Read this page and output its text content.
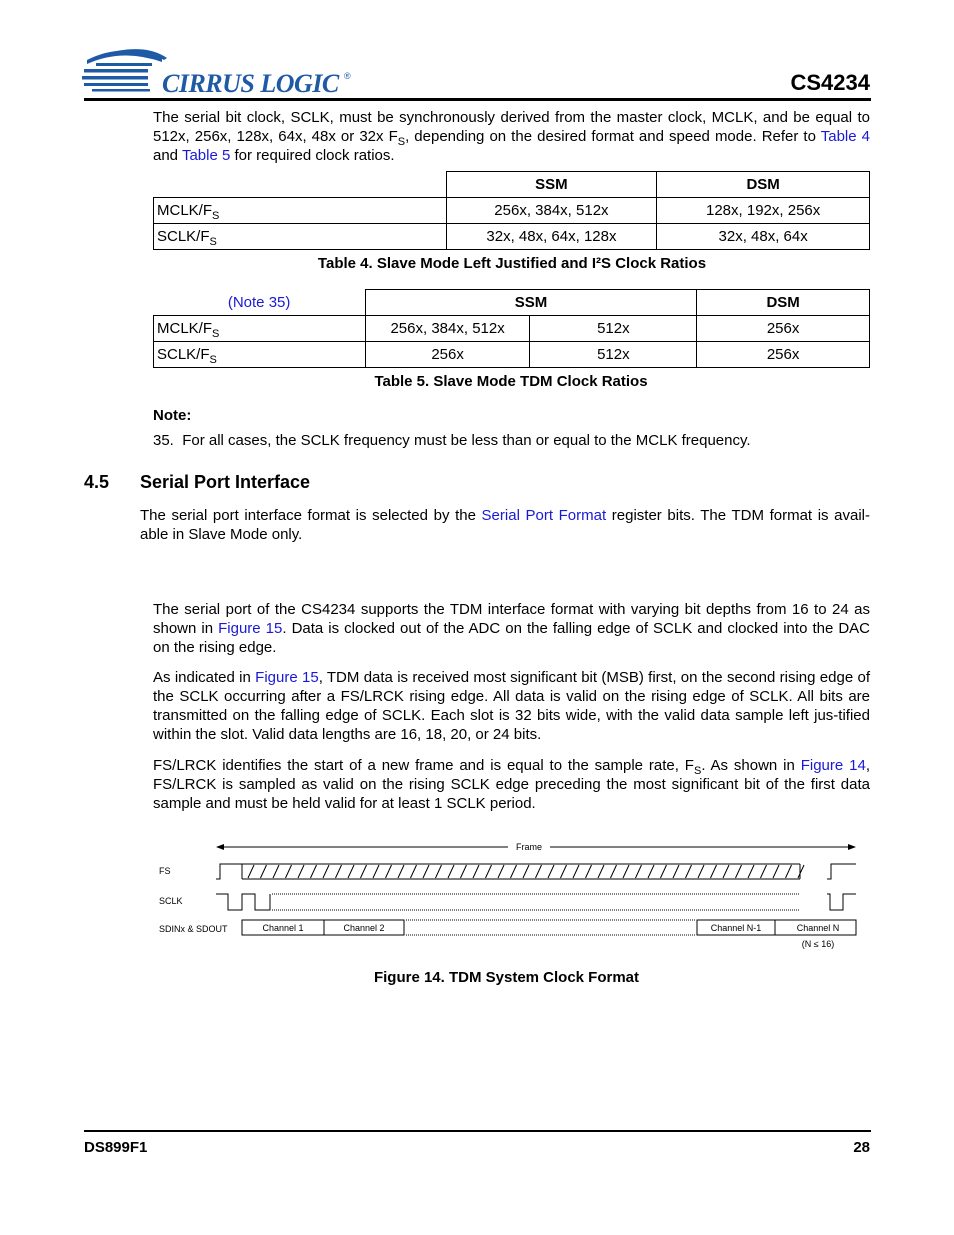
CIRRUS LOGIC ®	CS4234

The serial bit clock, SCLK, must be synchronously derived from the master clock, MCLK, and be equal to 512x, 256x, 128x, 64x, 48x or 32x $F_S$, depending on the desired format and speed mode. Refer to Table 4 and Table 5 for required clock ratios.

	SSM	DSM
MCLK/$F_S$	256x, 384x, 512x	128x, 192x, 256x
SCLK/$F_S$	32x, 48x, 64x, 128x	32x, 48x, 64x
Table 4. Slave Mode Left Justified and I²S Clock Ratios
(Note 35)	SSM		DSM
MCLK/$F_S$	256x, 384x, 512x	512x	256x
SCLK/$F_S$	256x	512x	256x
Table 5. Slave Mode TDM Clock Ratios
Note:
35. For all cases, the SCLK frequency must be less than or equal to the MCLK frequency.
4.5 Serial Port Interface

The serial port interface format is selected by the Serial Port Format register bits. The TDM format is avail-able in Slave Mode only.

The serial port of the CS4234 supports the TDM interface format with varying bit depths from 16 to 24 as shown in Figure 15. Data is clocked out of the ADC on the falling edge of SCLK and clocked into the DAC on the rising edge.

As indicated in Figure 15, TDM data is received most significant bit (MSB) first, on the second rising edge of the SCLK occurring after a FS/LRCK rising edge. All data is valid on the rising edge of SCLK. All bits are transmitted on the falling edge of SCLK. Each slot is 32 bits wide, with the valid data sample left jus-tified within the slot. Valid data lengths are 16, 18, 20, or 24 bits.

FS/LRCK identifies the start of a new frame and is equal to the sample rate, $F_S$. As shown in Figure 14, FS/LRCK is sampled as valid on the rising SCLK edge preceding the most significant bit of the first data sample and must be held valid for at least 1 SCLK period.

Frame
FS
SCLK
SDINx & SDOUT	Channel 1	Channel 2	Channel N-1	Channel N
(N ≤ 16)
Figure 14. TDM System Clock Format
DS899F1	28
